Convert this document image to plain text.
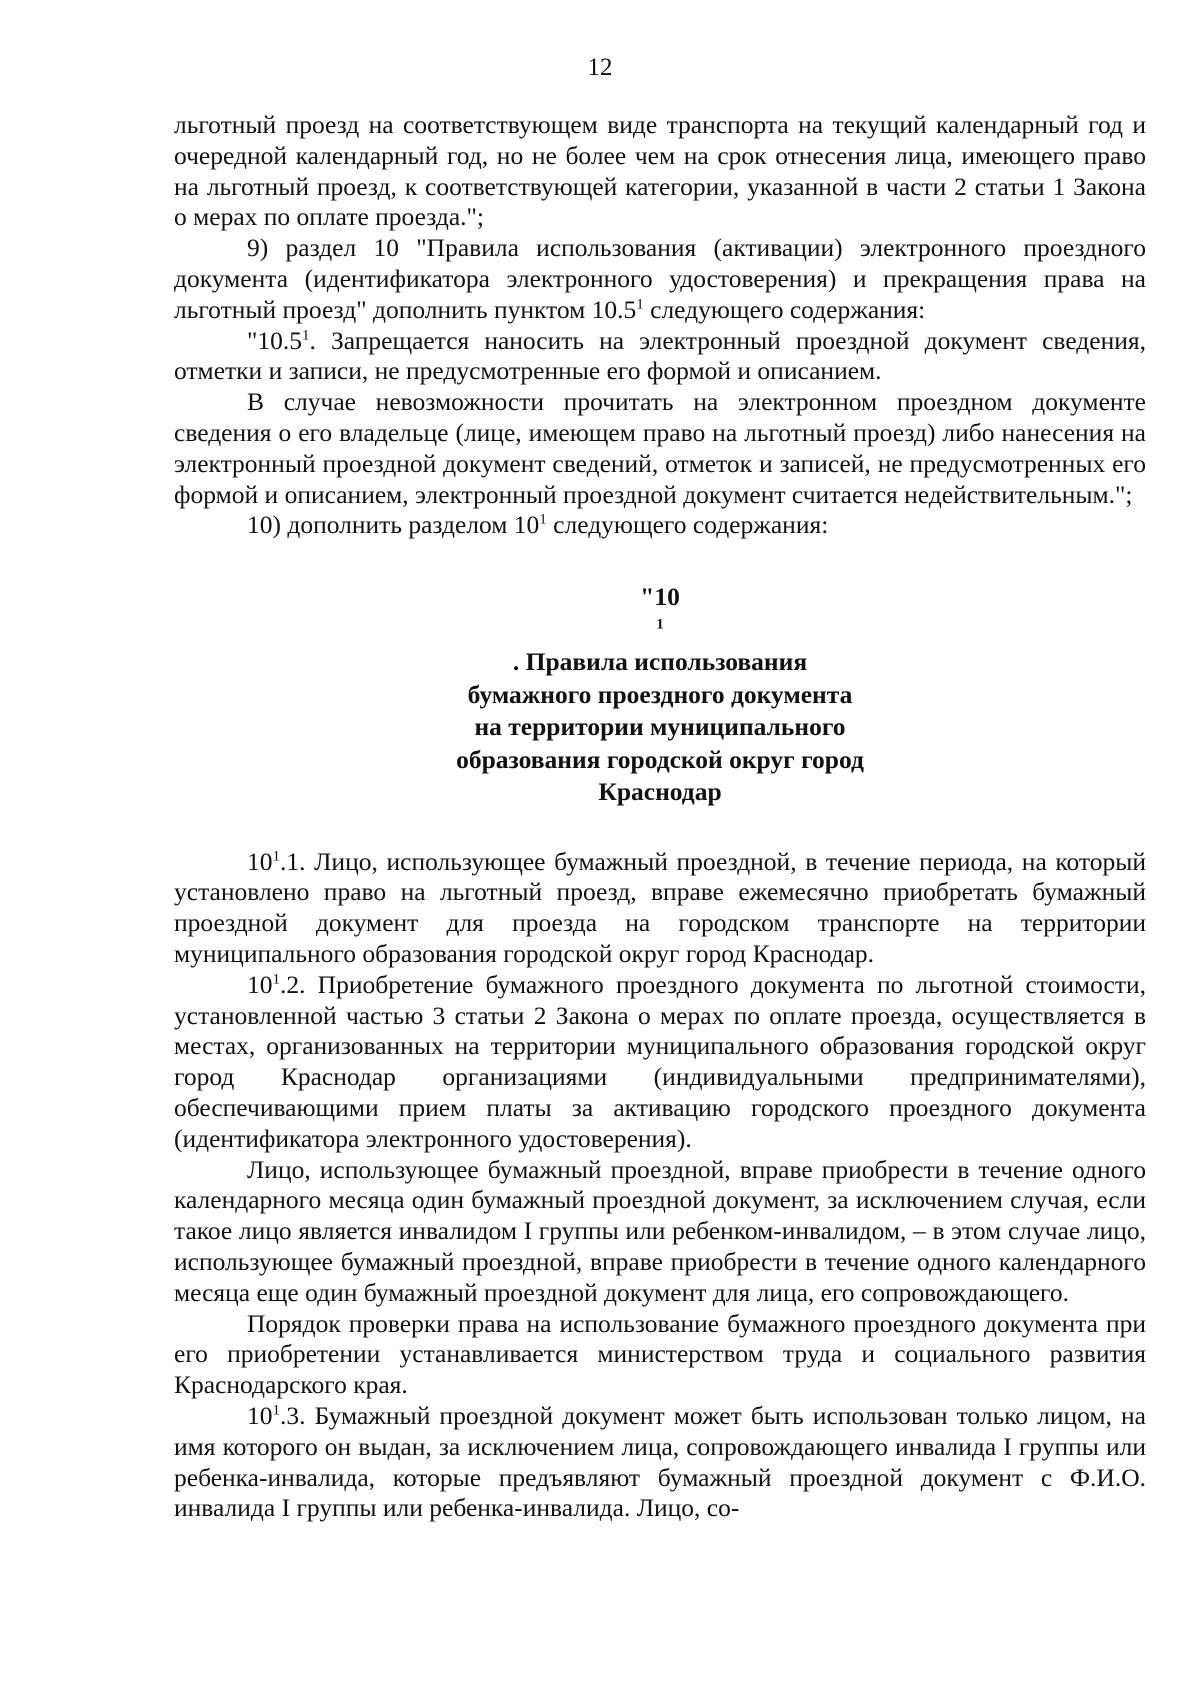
12

льготный проезд на соответствующем виде транспорта на текущий календарный год и очередной календарный год, но не более чем на срок отнесения лица, имеющего право на льготный проезд, к соответствующей категории, указанной в части 2 статьи 1 Закона о мерах по оплате проезда.";

9) раздел 10 "Правила использования (активации) электронного проездного документа (идентификатора электронного удостоверения) и прекращения права на льготный проезд" дополнить пунктом 10.5$^1$ следующего содержания:

"10.5$^1$. Запрещается наносить на электронный проездной документ сведения, отметки и записи, не предусмотренные его формой и описанием.

В случае невозможности прочитать на электронном проездном документе сведения о его владельце (лице, имеющем право на льготный проезд) либо нанесения на электронный проездной документ сведений, отметок и записей, не предусмотренных его формой и описанием, электронный проездной документ считается недействительным.";

10) дополнить разделом $10^1$ следующего содержания:

"10
$^1$
. Правила использования
бумажного проездного документа
на территории муниципального
образования городской округ город
Краснодар

$10^1.1$. Лицо, использующее бумажный проездной, в течение периода, на который установлено право на льготный проезд, вправе ежемесячно приобретать бумажный проездной документ для проезда на городском транспорте на территории муниципального образования городской округ город Краснодар.

$10^1.2$. Приобретение бумажного проездного документа по льготной стоимости, установленной частью 3 статьи 2 Закона о мерах по оплате проезда, осуществляется в местах, организованных на территории муниципального образования городской округ город Краснодар организациями (индивидуальными предпринимателями), обеспечивающими прием платы за активацию городского проездного документа (идентификатора электронного удостоверения).

Лицо, использующее бумажный проездной, вправе приобрести в течение одного календарного месяца один бумажный проездной документ, за исключением случая, если такое лицо является инвалидом I группы или ребенком-инвалидом, – в этом случае лицо, использующее бумажный проездной, вправе приобрести в течение одного календарного месяца еще один бумажный проездной документ для лица, его сопровождающего.

Порядок проверки права на использование бумажного проездного документа при его приобретении устанавливается министерством труда и социального развития Краснодарского края.

$10^1.3$. Бумажный проездной документ может быть использован только лицом, на имя которого он выдан, за исключением лица, сопровождающего инвалида I группы или ребенка-инвалида, которые предъявляют бумажный проездной документ с Ф.И.О. инвалида I группы или ребенка-инвалида. Лицо, со-
